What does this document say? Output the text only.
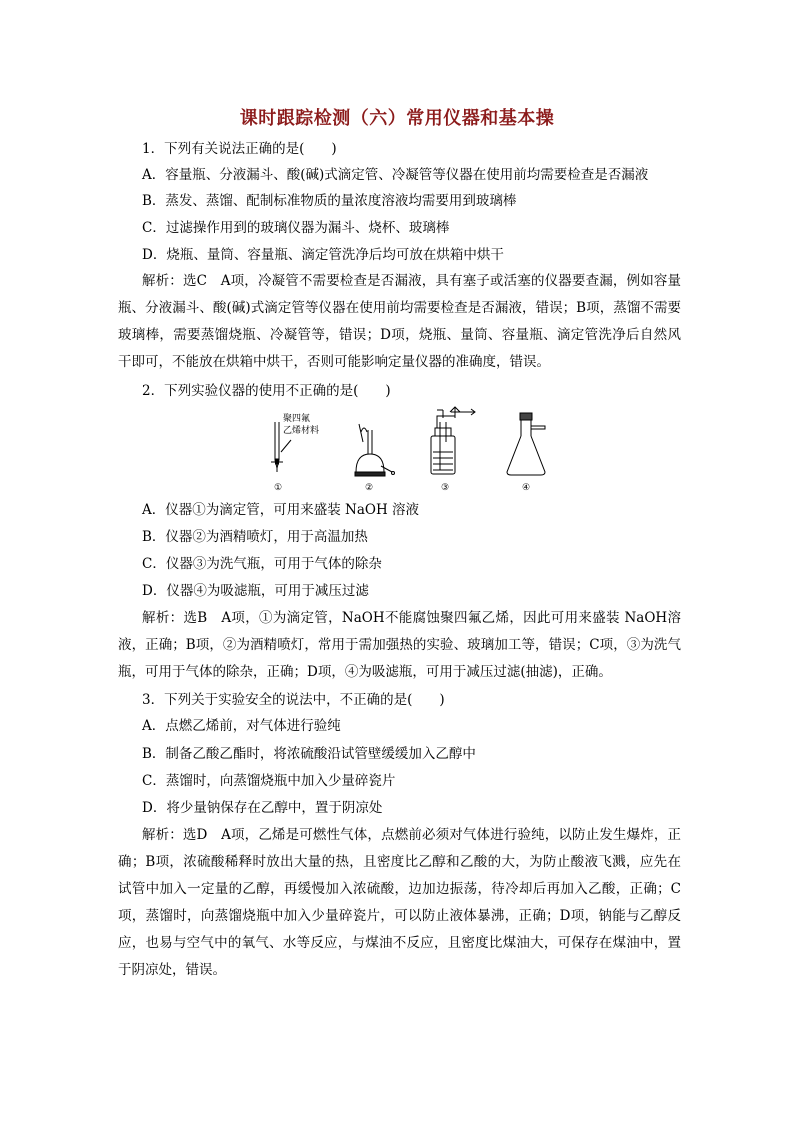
课时跟踪检测（六）常用仪器和基本操
1．下列有关说法正确的是(　　)
A．容量瓶、分液漏斗、酸(碱)式滴定管、冷凝管等仪器在使用前均需要检查是否漏液
B．蒸发、蒸馏、配制标准物质的量浓度溶液均需要用到玻璃棒
C．过滤操作用到的玻璃仪器为漏斗、烧杯、玻璃棒
D．烧瓶、量筒、容量瓶、滴定管洗净后均可放在烘箱中烘干
解析：选C　A项，冷凝管不需要检查是否漏液，具有塞子或活塞的仪器要查漏，例如容量瓶、分液漏斗、酸(碱)式滴定管等仪器在使用前均需要检查是否漏液，错误；B项，蒸馏不需要玻璃棒，需要蒸馏烧瓶、冷凝管等，错误；D项，烧瓶、量筒、容量瓶、滴定管洗净后自然风干即可，不能放在烘箱中烘干，否则可能影响定量仪器的准确度，错误。
2．下列实验仪器的使用不正确的是(　　)
聚四氟
乙烯材料
①	②	③	④
A．仪器①为滴定管，可用来盛装 NaOH 溶液
B．仪器②为酒精喷灯，用于高温加热
C．仪器③为洗气瓶，可用于气体的除杂
D．仪器④为吸滤瓶，可用于减压过滤
解析：选B　A项，①为滴定管，NaOH不能腐蚀聚四氟乙烯，因此可用来盛装 NaOH溶液，正确；B项，②为酒精喷灯，常用于需加强热的实验、玻璃加工等，错误；C项，③为洗气瓶，可用于气体的除杂，正确；D项，④为吸滤瓶，可用于减压过滤(抽滤)，正确。
3．下列关于实验安全的说法中，不正确的是(　　)
A．点燃乙烯前，对气体进行验纯
B．制备乙酸乙酯时，将浓硫酸沿试管壁缓缓加入乙醇中
C．蒸馏时，向蒸馏烧瓶中加入少量碎瓷片
D．将少量钠保存在乙醇中，置于阴凉处
解析：选D　A项，乙烯是可燃性气体，点燃前必须对气体进行验纯，以防止发生爆炸，正确；B项，浓硫酸稀释时放出大量的热，且密度比乙醇和乙酸的大，为防止酸液飞溅，应先在试管中加入一定量的乙醇，再缓慢加入浓硫酸，边加边振荡，待冷却后再加入乙酸，正确；C项，蒸馏时，向蒸馏烧瓶中加入少量碎瓷片，可以防止液体暴沸，正确；D项，钠能与乙醇反应，也易与空气中的氧气、水等反应，与煤油不反应，且密度比煤油大，可保存在煤油中，置于阴凉处，错误。
